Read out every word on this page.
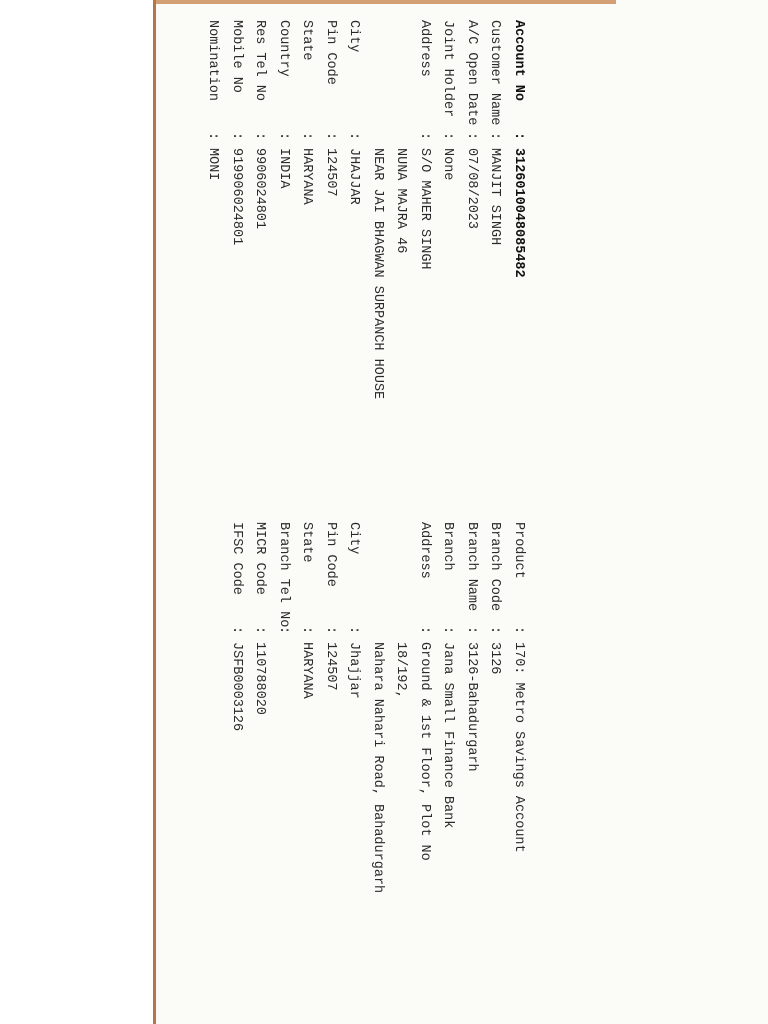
Account No
:
3126010048085482
Customer Name
:
MANJIT SINGH
A/C Open Date
:
07/08/2023
Joint Holder
:
None
Address
:
S/O MAHER SINGH
NUNA MAJRA 46
NEAR JAI BHAGWAN SURPANCH HOUSE
City
:
JHAJJAR
Pin Code
:
124507
State
:
HARYANA
Country
:
INDIA
Res Tel No
:
9906024801
Mobile No
:
919906024801
Nomination
:
MONI
Product
:
170: Metro Savings Account
Branch Code
:
3126
Branch Name
:
3126-Bahadurgarh
Branch
:
Jana Small Finance Bank
Address
:
Ground & 1st Floor, Plot No
18/192,
Nahara Nahari Road, Bahadurgarh
City
:
Jhajjar
Pin Code
:
124507
State
:
HARYANA
Branch Tel No
:
MICR Code
:
110788020
IFSC Code
:
JSFB0003126
